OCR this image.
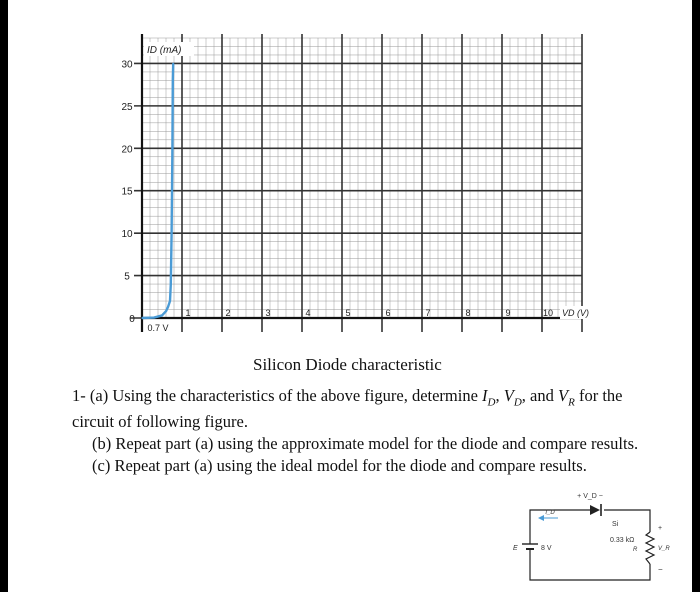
5
10
15
20
25
30
0
1	2	3	4	5	6	7	8	9	10
ID (mA)
VD (V)
0.7 V
Silicon Diode characteristic

1- (a) Using the characteristics of the above figure, determine $I_D$, $V_D$, and $V_R$ for the circuit of following figure.

(b) Repeat part (a) using the approximate model for the diode and compare results.

(c) Repeat part (a) using the ideal model for the diode and compare results.

E	8 V
+ V_D −
Si
I_D
0.33 kΩ
R
+
V_R
−
